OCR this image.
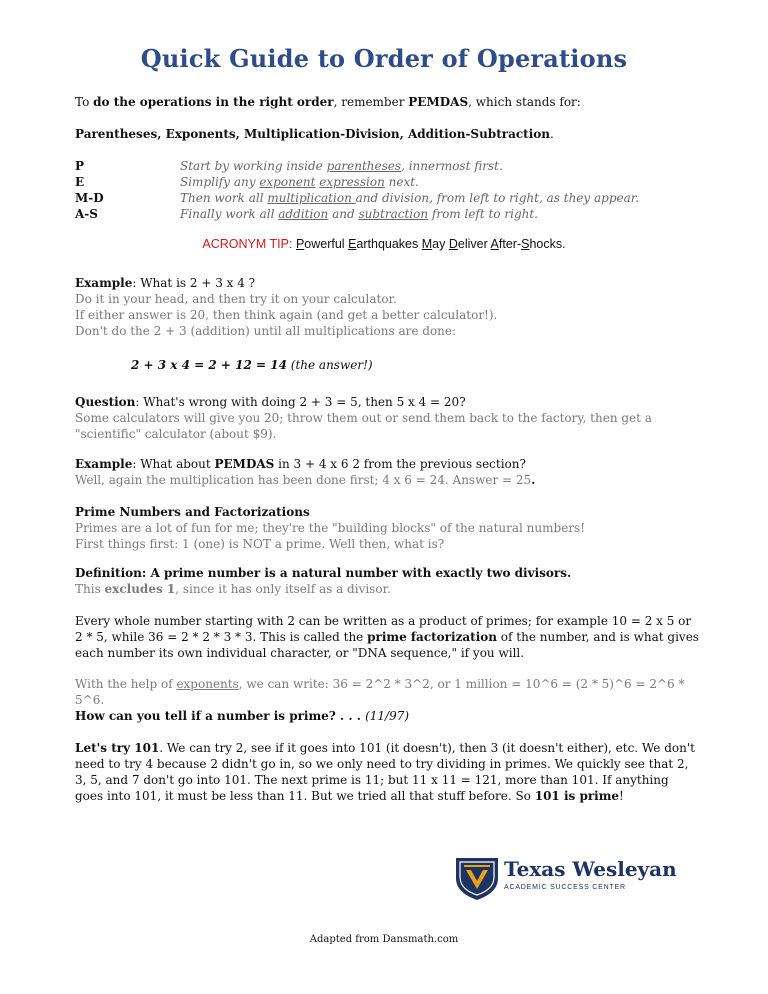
Quick Guide to Order of Operations
To do the operations in the right order, remember PEMDAS, which stands for:
Parentheses, Exponents, Multiplication-Division, Addition-Subtraction.
P
E
M-D
A-S
Start by working inside parentheses, innermost first.
Simplify any exponent expression next.
Then work all multiplication and division, from left to right, as they appear.
Finally work all addition and subtraction from left to right.
ACRONYM TIP: Powerful Earthquakes May Deliver After-Shocks.
Example: What is 2 + 3 x 4 ?
Do it in your head, and then try it on your calculator.
If either answer is 20, then think again (and get a better calculator!).
Don't do the 2 + 3 (addition) until all multiplications are done:
2 + 3 x 4 = 2 + 12 = 14 (the answer!)
Question: What's wrong with doing 2 + 3 = 5, then 5 x 4 = 20?
Some calculators will give you 20; throw them out or send them back to the factory, then get a "scientific" calculator (about $9).
Example: What about PEMDAS in 3 + 4 x 6 2 from the previous section?
Well, again the multiplication has been done first; 4 x 6 = 24. Answer = 25.
Prime Numbers and Factorizations
Primes are a lot of fun for me; they're the "building blocks" of the natural numbers!
First things first: 1 (one) is NOT a prime. Well then, what is?
Definition: A prime number is a natural number with exactly two divisors.
This excludes 1, since it has only itself as a divisor.
Every whole number starting with 2 can be written as a product of primes; for example 10 = 2 x 5 or 2 * 5, while 36 = 2 * 2 * 3 * 3. This is called the prime factorization of the number, and is what gives each number its own individual character, or "DNA sequence," if you will.
With the help of exponents, we can write: 36 = 2^2 * 3^2, or 1 million = 10^6 = (2 * 5)^6 = 2^6 * 5^6.
How can you tell if a number is prime? . . . (11/97)
Let's try 101. We can try 2, see if it goes into 101 (it doesn't), then 3 (it doesn't either), etc. We don't need to try 4 because 2 didn't go in, so we only need to try dividing in primes. We quickly see that 2, 3, 5, and 7 don't go into 101. The next prime is 11; but 11 x 11 = 121, more than 101. If anything goes into 101, it must be less than 11. But we tried all that stuff before. So 101 is prime!
Texas Wesleyan
ACADEMIC SUCCESS CENTER
Adapted from Dansmath.com
